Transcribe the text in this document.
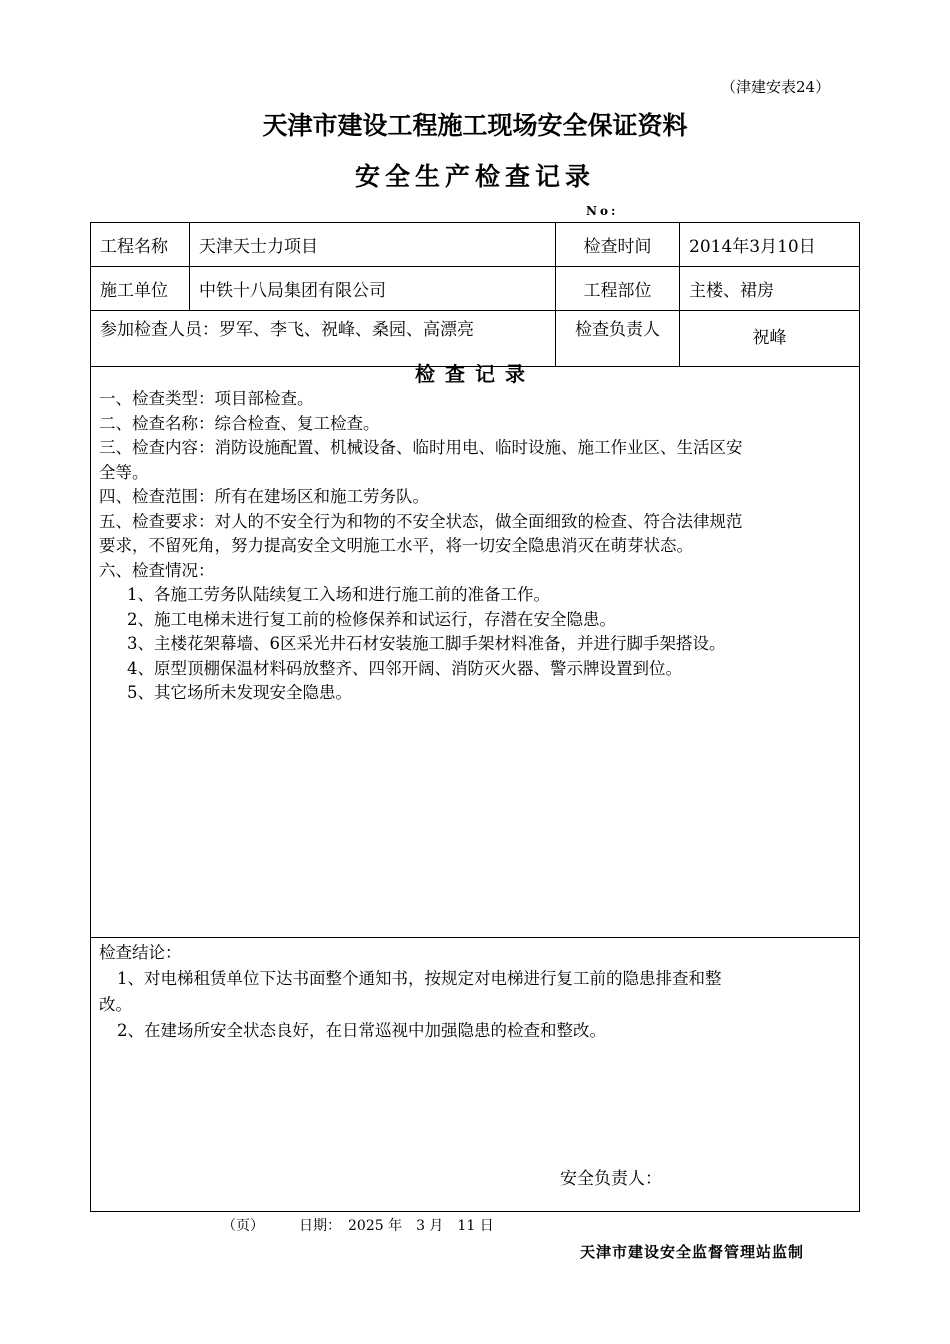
（津建安表24）
天津市建设工程施工现场安全保证资料
安全生产检查记录
No:
工程名称	天津天士力项目	检查时间	2014年3月10日
施工单位	中铁十八局集团有限公司	工程部位	主楼、裙房
参加检查人员：罗军、李飞、祝峰、桑园、高漂亮		检查负责人	祝峰
检查记录
一、检查类型：项目部检查。
二、检查名称：综合检查、复工检查。
三、检查内容：消防设施配置、机械设备、临时用电、临时设施、施工作业区、生活区安
全等。
四、检查范围：所有在建场区和施工劳务队。
五、检查要求：对人的不安全行为和物的不安全状态，做全面细致的检查、符合法律规范
要求，不留死角，努力提高安全文明施工水平，将一切安全隐患消灭在萌芽状态。
六、检查情况：
1、各施工劳务队陆续复工入场和进行施工前的准备工作。
2、施工电梯未进行复工前的检修保养和试运行，存潜在安全隐患。
3、主楼花架幕墙、6区采光井石材安装施工脚手架材料准备，并进行脚手架搭设。
4、原型顶棚保温材料码放整齐、四邻开阔、消防灭火器、警示牌设置到位。
5、其它场所未发现安全隐患。
检查结论：
1、对电梯租赁单位下达书面整个通知书，按规定对电梯进行复工前的隐患排查和整
改。
2、在建场所安全状态良好，在日常巡视中加强隐患的检查和整改。
安全负责人：
（页）　　　日期：　2025 年　3 月　11 日
天津市建设安全监督管理站监制
